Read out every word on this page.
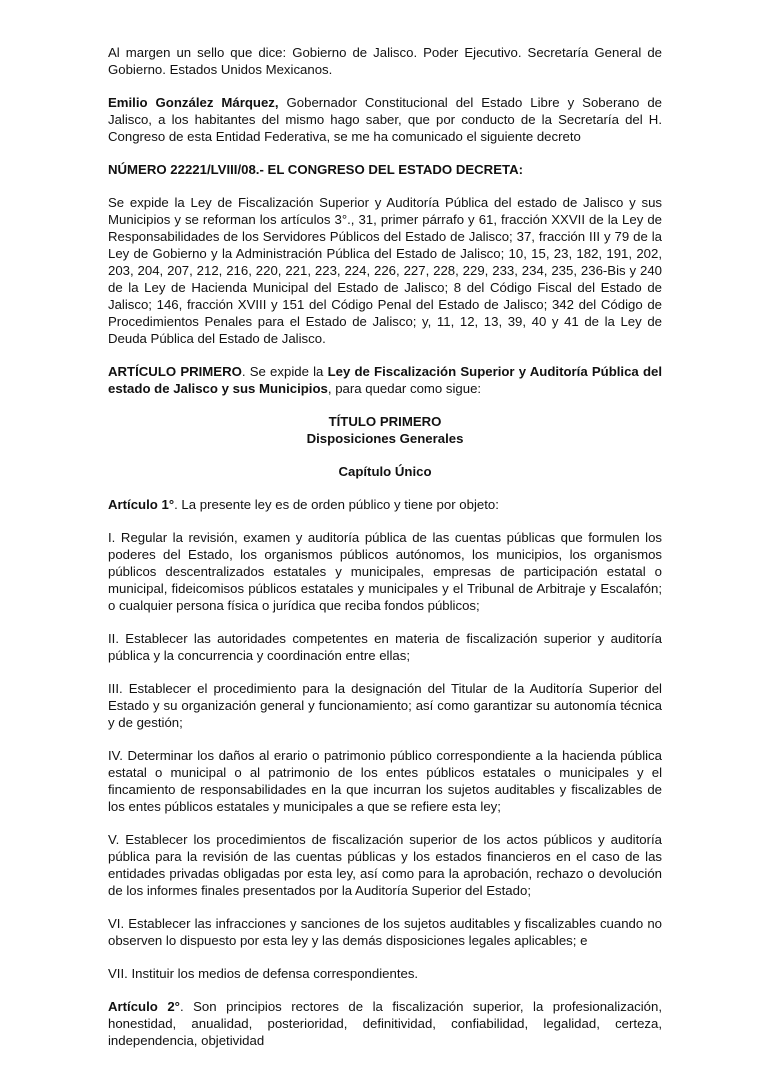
Al margen un sello que dice: Gobierno de Jalisco. Poder Ejecutivo. Secretaría General de Gobierno. Estados Unidos Mexicanos.

Emilio González Márquez, Gobernador Constitucional del Estado Libre y Soberano de Jalisco, a los habitantes del mismo hago saber, que por conducto de la Secretaría del H. Congreso de esta Entidad Federativa, se me ha comunicado el siguiente decreto

NÚMERO 22221/LVIII/08.- EL CONGRESO DEL ESTADO DECRETA:

Se expide la Ley de Fiscalización Superior y Auditoría Pública del estado de Jalisco y sus Municipios y se reforman los artículos 3°., 31, primer párrafo y 61, fracción XXVII de la Ley de Responsabilidades de los Servidores Públicos del Estado de Jalisco; 37, fracción III y 79 de la Ley de Gobierno y la Administración Pública del Estado de Jalisco; 10, 15, 23, 182, 191, 202, 203, 204, 207, 212, 216, 220, 221, 223, 224, 226, 227, 228, 229, 233, 234, 235, 236-Bis y 240 de la Ley de Hacienda Municipal del Estado de Jalisco; 8 del Código Fiscal del Estado de Jalisco; 146, fracción XVIII y 151 del Código Penal del Estado de Jalisco; 342 del Código de Procedimientos Penales para el Estado de Jalisco; y, 11, 12, 13, 39, 40 y 41 de la Ley de Deuda Pública del Estado de Jalisco.

ARTÍCULO PRIMERO. Se expide la Ley de Fiscalización Superior y Auditoría Pública del estado de Jalisco y sus Municipios, para quedar como sigue:

TÍTULO PRIMERO

Disposiciones Generales

Capítulo Único

Artículo 1°. La presente ley es de orden público y tiene por objeto:

I. Regular la revisión, examen y auditoría pública de las cuentas públicas que formulen los poderes del Estado, los organismos públicos autónomos, los municipios, los organismos públicos descentralizados estatales y municipales, empresas de participación estatal o municipal, fideicomisos públicos estatales y municipales y el Tribunal de Arbitraje y Escalafón; o cualquier persona física o jurídica que reciba fondos públicos;

II. Establecer las autoridades competentes en materia de fiscalización superior y auditoría pública y la concurrencia y coordinación entre ellas;

III. Establecer el procedimiento para la designación del Titular de la Auditoría Superior del Estado y su organización general y funcionamiento; así como garantizar su autonomía técnica y de gestión;

IV. Determinar los daños al erario o patrimonio público correspondiente a la hacienda pública estatal o municipal o al patrimonio de los entes públicos estatales o municipales y el fincamiento de responsabilidades en la que incurran los sujetos auditables y fiscalizables de los entes públicos estatales y municipales a que se refiere esta ley;

V. Establecer los procedimientos de fiscalización superior de los actos públicos y auditoría pública para la revisión de las cuentas públicas y los estados financieros en el caso de las entidades privadas obligadas por esta ley, así como para la aprobación, rechazo o devolución de los informes finales presentados por la Auditoría Superior del Estado;

VI. Establecer las infracciones y sanciones de los sujetos auditables y fiscalizables cuando no observen lo dispuesto por esta ley y las demás disposiciones legales aplicables; e

VII. Instituir los medios de defensa correspondientes.

Artículo 2°. Son principios rectores de la fiscalización superior, la profesionalización, honestidad, anualidad, posterioridad, definitividad, confiabilidad, legalidad, certeza, independencia, objetividad
